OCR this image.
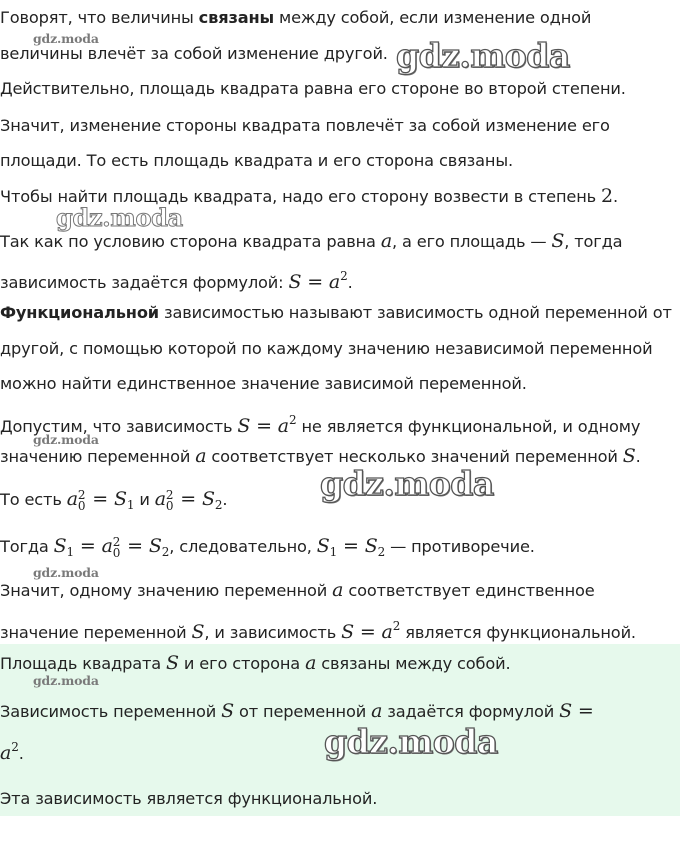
Говорят, что величины связаны между собой, если изменение одной
величины влечёт за собой изменение другой.
Действительно, площадь квадрата равна его стороне во второй степени.
Значит, изменение стороны квадрата повлечёт за собой изменение его
площади. То есть площадь квадрата и его сторона связаны.
Чтобы найти площадь квадрата, надо его сторону возвести в степень 2.
Так как по условию сторона квадрата равна a, а его площадь — S, тогда
зависимость задаётся формулой: $S = a^2$.
Функциональной зависимостью называют зависимость одной переменной от
другой, с помощью которой по каждому значению независимой переменной
можно найти единственное значение зависимой переменной.
Допустим, что зависимость $S = a^2$ не является функциональной, и одному
значению переменной a соответствует несколько значений переменной S.
То есть a 2
$0 = S_1$ и a 2
$0 = S_2$.
Тогда $S_1 = a$ 2
$0 = S_2$, следовательно, $S_1 = S_2$ — противоречие.
Значит, одному значению переменной a соответствует единственное
значение переменной S, и зависимость $S = a^2$ является функциональной.
Площадь квадрата S и его сторона a связаны между собой.
Зависимость переменной S от переменной a задаётся формулой S =
$a^2$.
Эта зависимость является функциональной.
gdz.moda	gdz.moda
gdz.moda
gdz.moda
gdz.moda
gdz.moda
gdz.moda
gdz.moda
